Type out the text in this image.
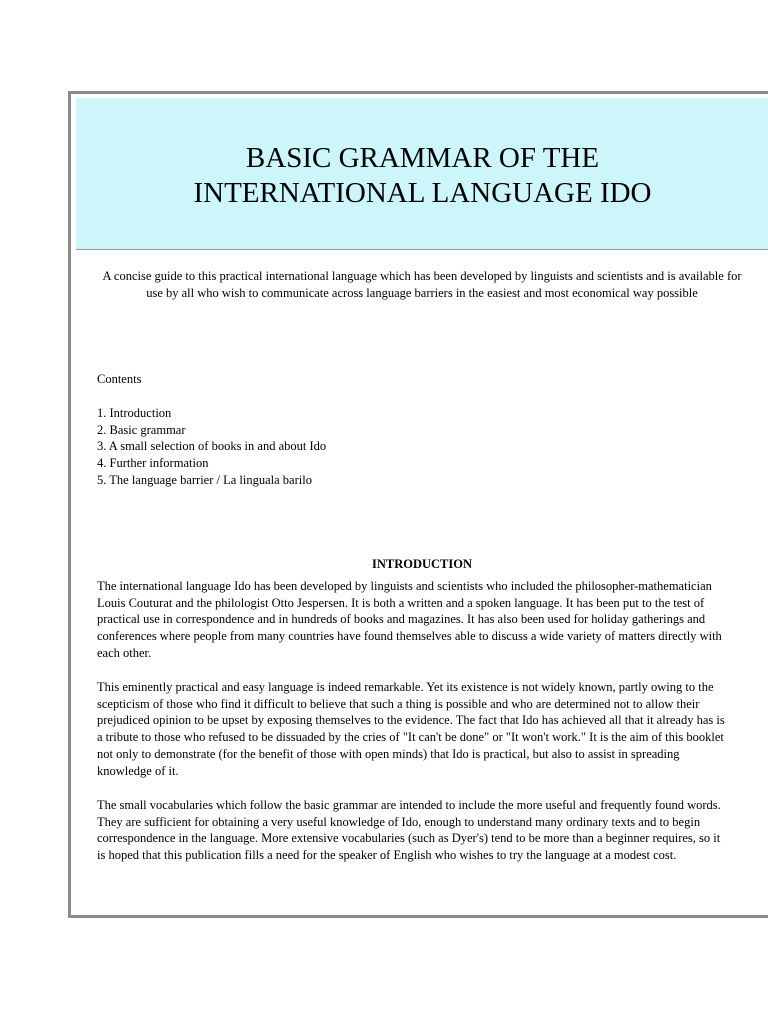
BASIC GRAMMAR OF THE
INTERNATIONAL LANGUAGE IDO

A concise guide to this practical international language which has been developed by linguists and scientists and is available for use by all who wish to communicate across language barriers in the easiest and most economical way possible

Contents

1. Introduction
2. Basic grammar
3. A small selection of books in and about Ido
4. Further information
5. The language barrier / La linguala barilo
INTRODUCTION

The international language Ido has been developed by linguists and scientists who included the philosopher-mathematician Louis Couturat and the philologist Otto Jespersen. It is both a written and a spoken language. It has been put to the test of practical use in correspondence and in hundreds of books and magazines. It has also been used for holiday gatherings and conferences where people from many countries have found themselves able to discuss a wide variety of matters directly with each other.

This eminently practical and easy language is indeed remarkable. Yet its existence is not widely known, partly owing to the scepticism of those who find it difficult to believe that such a thing is possible and who are determined not to allow their prejudiced opinion to be upset by exposing themselves to the evidence. The fact that Ido has achieved all that it already has is a tribute to those who refused to be dissuaded by the cries of "It can't be done" or "It won't work." It is the aim of this booklet not only to demonstrate (for the benefit of those with open minds) that Ido is practical, but also to assist in spreading knowledge of it.

The small vocabularies which follow the basic grammar are intended to include the more useful and frequently found words. They are sufficient for obtaining a very useful knowledge of Ido, enough to understand many ordinary texts and to begin correspondence in the language. More extensive vocabularies (such as Dyer's) tend to be more than a beginner requires, so it is hoped that this publication fills a need for the speaker of English who wishes to try the language at a modest cost.
